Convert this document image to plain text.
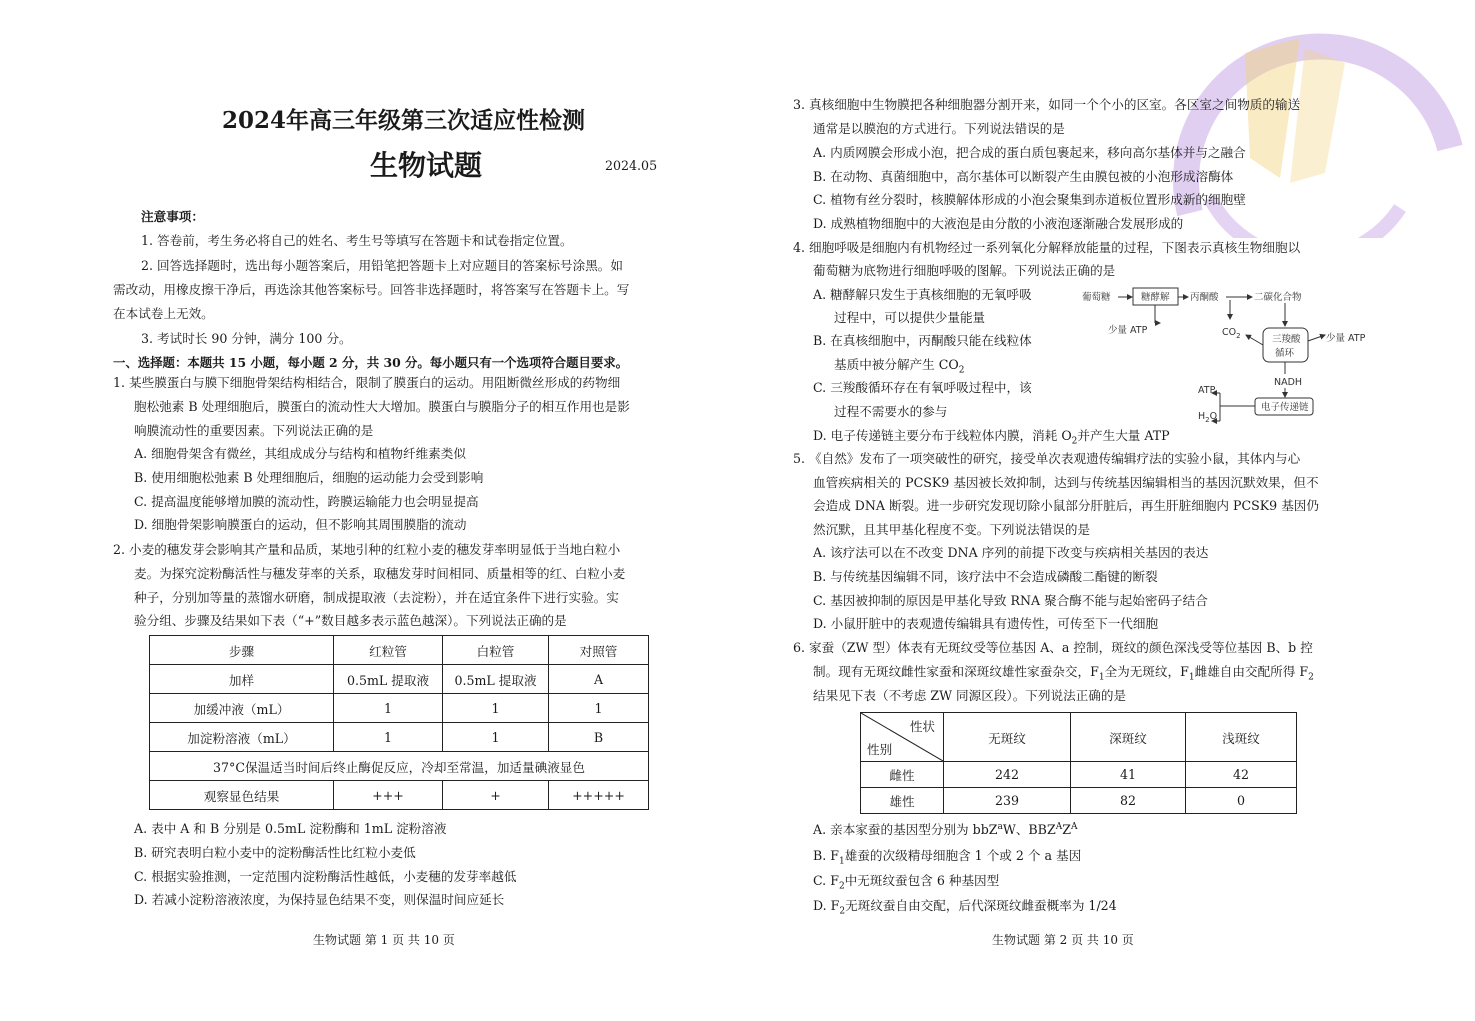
2024年高三年级第三次适应性检测
生物试题	2024.05
注意事项：
1. 答卷前，考生务必将自己的姓名、考生号等填写在答题卡和试卷指定位置。
2. 回答选择题时，选出每小题答案后，用铅笔把答题卡上对应题目的答案标号涂黑。如
需改动，用橡皮擦干净后，再选涂其他答案标号。回答非选择题时，将答案写在答题卡上。写
在本试卷上无效。
3. 考试时长 90 分钟，满分 100 分。
一、选择题：本题共 15 小题，每小题 2 分，共 30 分。每小题只有一个选项符合题目要求。
1. 某些膜蛋白与膜下细胞骨架结构相结合，限制了膜蛋白的运动。用阻断微丝形成的药物细
胞松弛素 B 处理细胞后，膜蛋白的流动性大大增加。膜蛋白与膜脂分子的相互作用也是影
响膜流动性的重要因素。下列说法正确的是
A. 细胞骨架含有微丝，其组成成分与结构和植物纤维素类似
B. 使用细胞松弛素 B 处理细胞后，细胞的运动能力会受到影响
C. 提高温度能够增加膜的流动性，跨膜运输能力也会明显提高
D. 细胞骨架影响膜蛋白的运动，但不影响其周围膜脂的流动
2. 小麦的穗发芽会影响其产量和品质，某地引种的红粒小麦的穗发芽率明显低于当地白粒小
麦。为探究淀粉酶活性与穗发芽率的关系，取穗发芽时间相同、质量相等的红、白粒小麦
种子，分别加等量的蒸馏水研磨，制成提取液（去淀粉），并在适宜条件下进行实验。实
验分组、步骤及结果如下表（“+”数目越多表示蓝色越深）。下列说法正确的是
步骤	红粒管	白粒管	对照管
加样	0.5mL 提取液	0.5mL 提取液	A
加缓冲液（mL）	1	1	1
加淀粉溶液（mL）	1	1	B
37°C保温适当时间后终止酶促反应，冷却至常温，加适量碘液显色			
观察显色结果	+++	+	+++++
A. 表中 A 和 B 分别是 0.5mL 淀粉酶和 1mL 淀粉溶液
B. 研究表明白粒小麦中的淀粉酶活性比红粒小麦低
C. 根据实验推测，一定范围内淀粉酶活性越低，小麦穗的发芽率越低
D. 若减小淀粉溶液浓度，为保持显色结果不变，则保温时间应延长
生物试题 第 1 页 共 10 页
3. 真核细胞中生物膜把各种细胞器分割开来，如同一个个小的区室。各区室之间物质的输送
通常是以膜泡的方式进行。下列说法错误的是
A. 内质网膜会形成小泡，把合成的蛋白质包裹起来，移向高尔基体并与之融合
B. 在动物、真菌细胞中，高尔基体可以断裂产生由膜包被的小泡形成溶酶体
C. 植物有丝分裂时，核膜解体形成的小泡会聚集到赤道板位置形成新的细胞壁
D. 成熟植物细胞中的大液泡是由分散的小液泡逐渐融合发展形成的
4. 细胞呼吸是细胞内有机物经过一系列氧化分解释放能量的过程，下图表示真核生物细胞以
葡萄糖为底物进行细胞呼吸的图解。下列说法正确的是
A. 糖酵解只发生于真核细胞的无氧呼吸
过程中，可以提供少量能量
B. 在真核细胞中，丙酮酸只能在线粒体
基质中被分解产生 $CO_2$
C. 三羧酸循环存在有氧呼吸过程中，该
过程不需要水的参与
D. 电子传递链主要分布于线粒体内膜，消耗 $O_2$并产生大量 ATP
5. 《自然》发布了一项突破性的研究，接受单次表观遗传编辑疗法的实验小鼠，其体内与心
血管疾病相关的 PCSK9 基因被长效抑制，达到与传统基因编辑相当的基因沉默效果，但不
会造成 DNA 断裂。进一步研究发现切除小鼠部分肝脏后，再生肝脏细胞内 PCSK9 基因仍
然沉默，且其甲基化程度不变。下列说法错误的是
A. 该疗法可以在不改变 DNA 序列的前提下改变与疾病相关基因的表达
B. 与传统基因编辑不同，该疗法中不会造成磷酸二酯键的断裂
C. 基因被抑制的原因是甲基化导致 RNA 聚合酶不能与起始密码子结合
D. 小鼠肝脏中的表观遗传编辑具有遗传性，可传至下一代细胞
6. 家蚕（ZW 型）体表有无斑纹受等位基因 A、a 控制，斑纹的颜色深浅受等位基因 B、b 控
制。现有无斑纹雌性家蚕和深斑纹雄性家蚕杂交，$F_1$全为无斑纹，$F_1$雌雄自由交配所得 $F_2$
结果见下表（不考虑 ZW 同源区段）。下列说法正确的是
性状
性别	无斑纹	深斑纹	浅斑纹
雌性	242	41	42
雄性	239	82	0
A. 亲本家蚕的基因型分别为 bbZ$^a$W、$BBZ^AZ^A$
B. $F_1$雄蚕的次级精母细胞含 1 个或 2 个 a 基因
C. $F_2$中无斑纹蚕包含 6 种基因型
D. $F_2$无斑纹蚕自由交配，后代深斑纹雌蚕概率为 1/24
生物试题 第 2 页 共 10 页
葡萄糖	糖酵解 丙酮酸	二碳化合物
少量 ATP	$CO_2$	三羧酸
循环
少量 ATP
NADH
电子传递链
ATP
$H_2O$
